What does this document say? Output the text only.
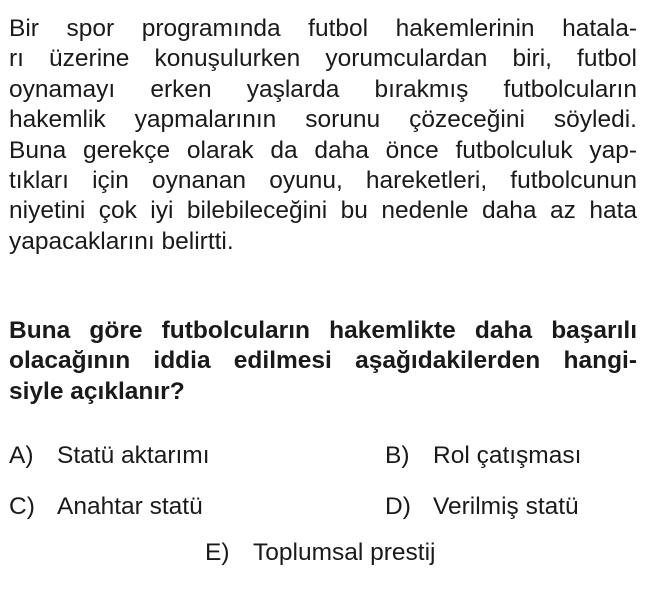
Bir spor programında futbol hakemlerinin hatala-
rı üzerine konuşulurken yorumculardan biri, futbol
oynamayı erken yaşlarda bırakmış futbolcuların
hakemlik yapmalarının sorunu çözeceğini söyledi.
Buna gerekçe olarak da daha önce futbolculuk yap-
tıkları için oynanan oyunu, hareketleri, futbolcunun
niyetini çok iyi bilebileceğini bu nedenle daha az hata
yapacaklarını belirtti.
Buna göre futbolcuların hakemlikte daha başarılı
olacağının iddia edilmesi aşağıdakilerden hangi-
siyle açıklanır?
A) Statü aktarımı	B) Rol çatışması
C) Anahtar statü	D) Verilmiş statü
E) Toplumsal prestij
